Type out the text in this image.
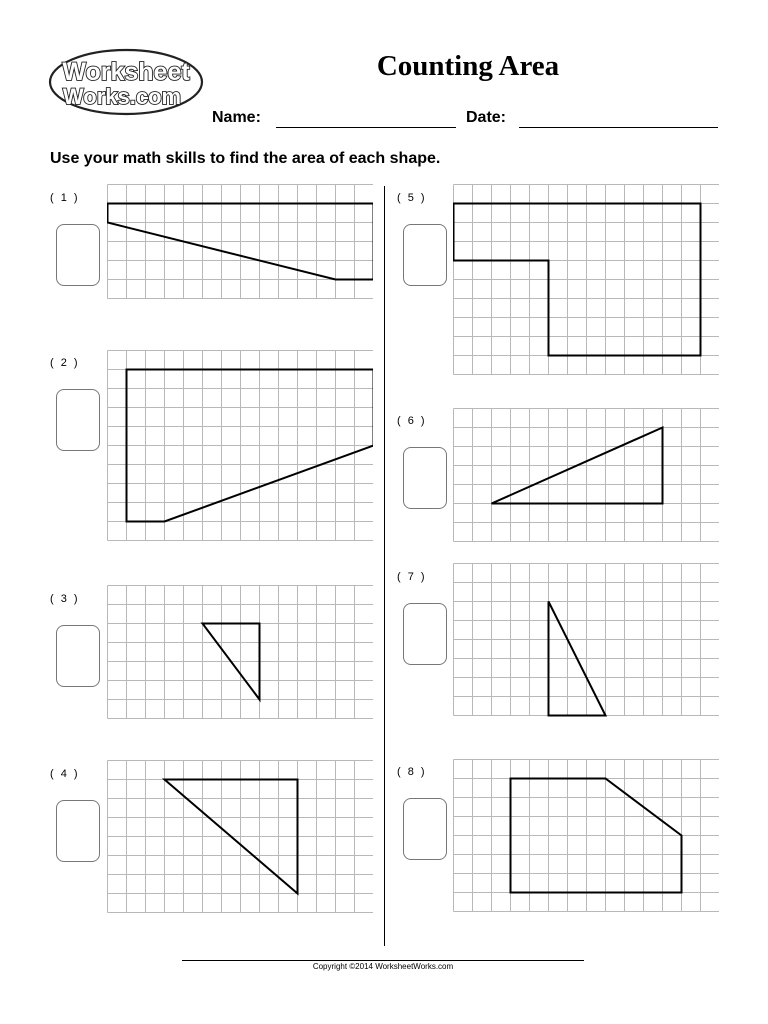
Worksheet
Works.com
Counting Area
Name:	Date:
Use your math skills to find the area of each shape.
( 1 )
( 2 )
( 3 )
( 4 )
( 5 )
( 6 )
( 7 )
( 8 )
Copyright ©2014 WorksheetWorks.com
